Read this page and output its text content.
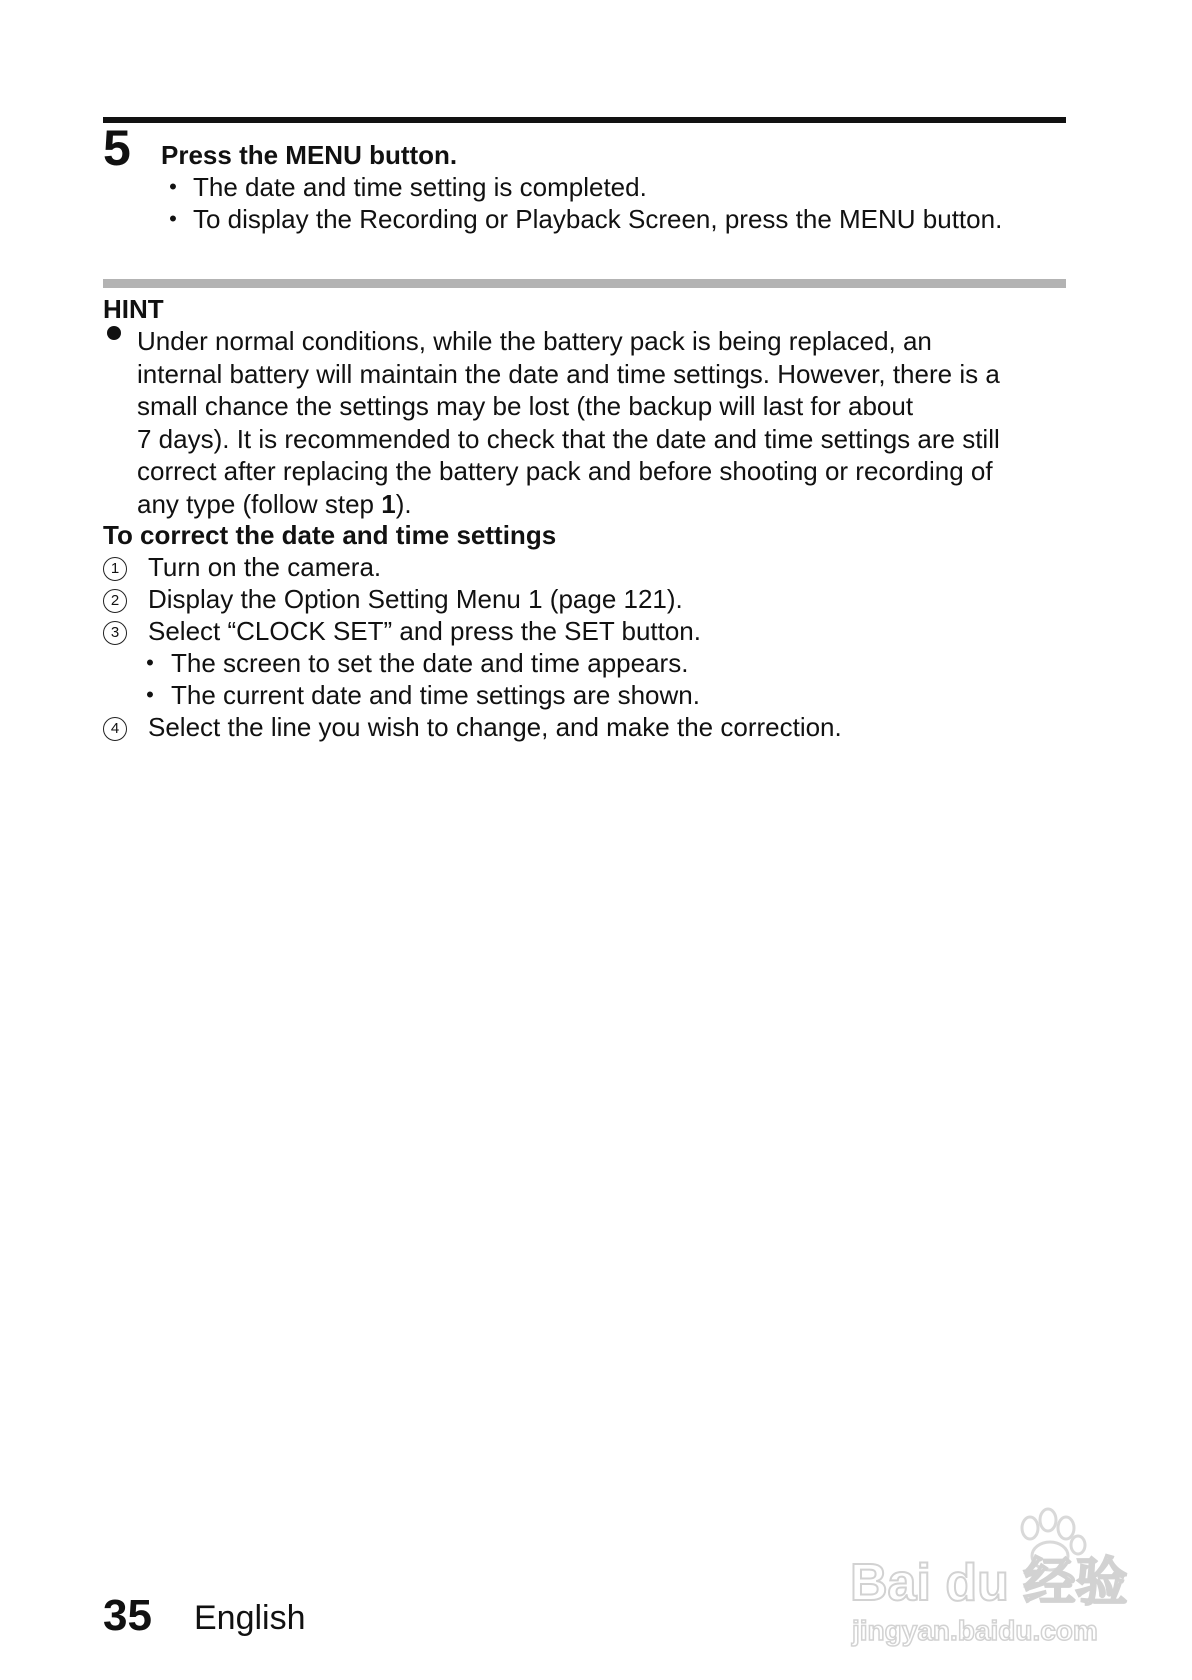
5 Press the MENU button.
• The date and time setting is completed.
• To display the Recording or Playback Screen, press the MENU button.
HINT
Under normal conditions, while the battery pack is being replaced, an
internal battery will maintain the date and time settings. However, there is a
small chance the settings may be lost (the backup will last for about
7 days). It is recommended to check that the date and time settings are still
correct after replacing the battery pack and before shooting or recording of
any type (follow step 1).
To correct the date and time settings
1	Turn on the camera.
2	Display the Option Setting Menu 1 (page 121).
3	Select “CLOCK SET” and press the SET button.
• The screen to set the date and time appears.
• The current date and time settings are shown.
4	Select the line you wish to change, and make the correction.
35 English
Bai du 经验
jingyan.baidu.com
